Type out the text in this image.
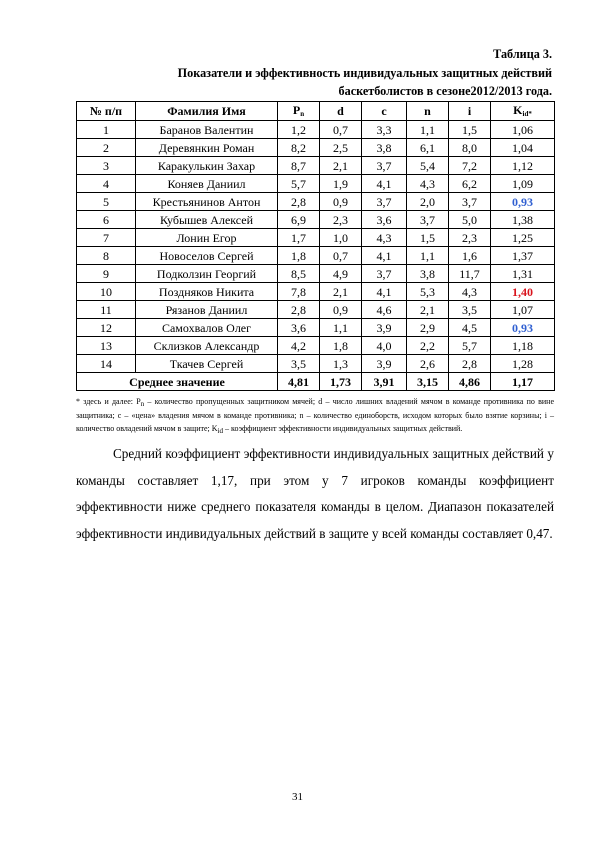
Таблица 3.
Показатели и эффективность индивидуальных защитных действий
баскетболистов в сезоне2012/2013 года.
№ п/п	Фамилия Имя	$P_n$	d	c	n	i	$K_{id*}$
1	Баранов Валентин	1,2	0,7	3,3	1,1	1,5	1,06
2	Деревянкин Роман	8,2	2,5	3,8	6,1	8,0	1,04
3	Каракулькин Захар	8,7	2,1	3,7	5,4	7,2	1,12
4	Коняев Даниил	5,7	1,9	4,1	4,3	6,2	1,09
5	Крестьянинов Антон	2,8	0,9	3,7	2,0	3,7	0,93
6	Кубышев Алексей	6,9	2,3	3,6	3,7	5,0	1,38
7	Лонин Егор	1,7	1,0	4,3	1,5	2,3	1,25
8	Новоселов Сергей	1,8	0,7	4,1	1,1	1,6	1,37
9	Подколзин Георгий	8,5	4,9	3,7	3,8	11,7	1,31
10	Поздняков Никита	7,8	2,1	4,1	5,3	4,3	1,40
11	Рязанов Даниил	2,8	0,9	4,6	2,1	3,5	1,07
12	Самохвалов Олег	3,6	1,1	3,9	2,9	4,5	0,93
13	Склизков Александр	4,2	1,8	4,0	2,2	5,7	1,18
14	Ткачев Сергей	3,5	1,3	3,9	2,6	2,8	1,28
Среднее значение		4,81	1,73	3,91	3,15	4,86	1,17
* здесь и далее: $P_n$ – количество пропущенных защитником мячей; d – число лишних владений мячом в команде противника по вине защитника; c – «цена» владения мячом в команде противника; n – количество единоборств, исходом которых было взятие корзины; i – количество овладений мячом в защите; $K_{id}$ – коэффициент эффективности индивидуальных защитных действий.

Средний коэффициент эффективности индивидуальных защитных действий у команды составляет 1,17, при этом у 7 игроков команды коэффициент эффективности ниже среднего показателя команды в целом. Диапазон показателей эффективности индивидуальных действий в защите у всей команды составляет 0,47.

31
